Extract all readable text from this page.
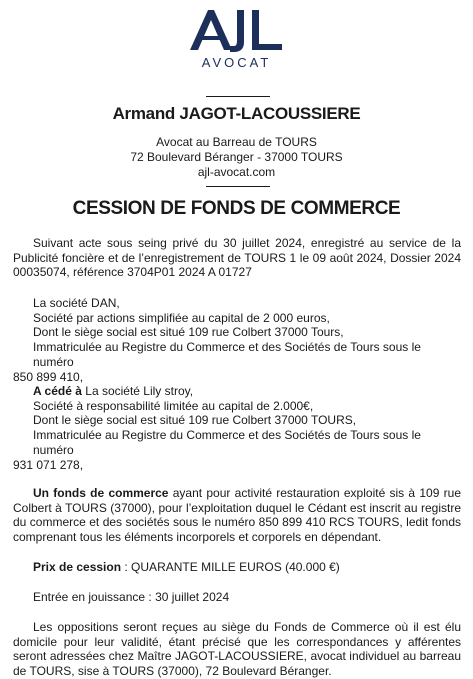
AVOCAT
Armand JAGOT-LACOUSSIERE
Avocat au Barreau de TOURS
72 Boulevard Béranger - 37000 TOURS
ajl-avocat.com
CESSION DE FONDS DE COMMERCE

Suivant acte sous seing privé du 30 juillet 2024, enregistré au service de la Publicité foncière et de l’enregistrement de TOURS 1 le 09 août 2024, Dossier 2024 00035074, référence 3704P01 2024 A 01727

La société DAN,
Société par actions simplifiée au capital de 2 000 euros,
Dont le siège social est situé 109 rue Colbert 37000 Tours,
Immatriculée au Registre du Commerce et des Sociétés de Tours sous le numéro
850 899 410,
A cédé à La société Lily stroy,
Société à responsabilité limitée au capital de 2.000€,
Dont le siège social est situé 109 rue Colbert 37000 TOURS,
Immatriculée au Registre du Commerce et des Sociétés de Tours sous le numéro
931 071 278,

Un fonds de commerce ayant pour activité restauration exploité sis à 109 rue Colbert à TOURS (37000), pour l’exploitation duquel le Cédant est inscrit au registre du commerce et des sociétés sous le numéro 850 899 410 RCS TOURS, ledit fonds comprenant tous les éléments incorporels et corporels en dépendant.

Prix de cession : QUARANTE MILLE EUROS (40.000 €)
Entrée en jouissance : 30 juillet 2024

Les oppositions seront reçues au siège du Fonds de Commerce où il est élu domicile pour leur validité, étant précisé que les correspondances y afférentes seront adressées chez Maître JAGOT-LACOUSSIERE, avocat individuel au barreau de TOURS, sise à TOURS (37000), 72 Boulevard Béranger.
